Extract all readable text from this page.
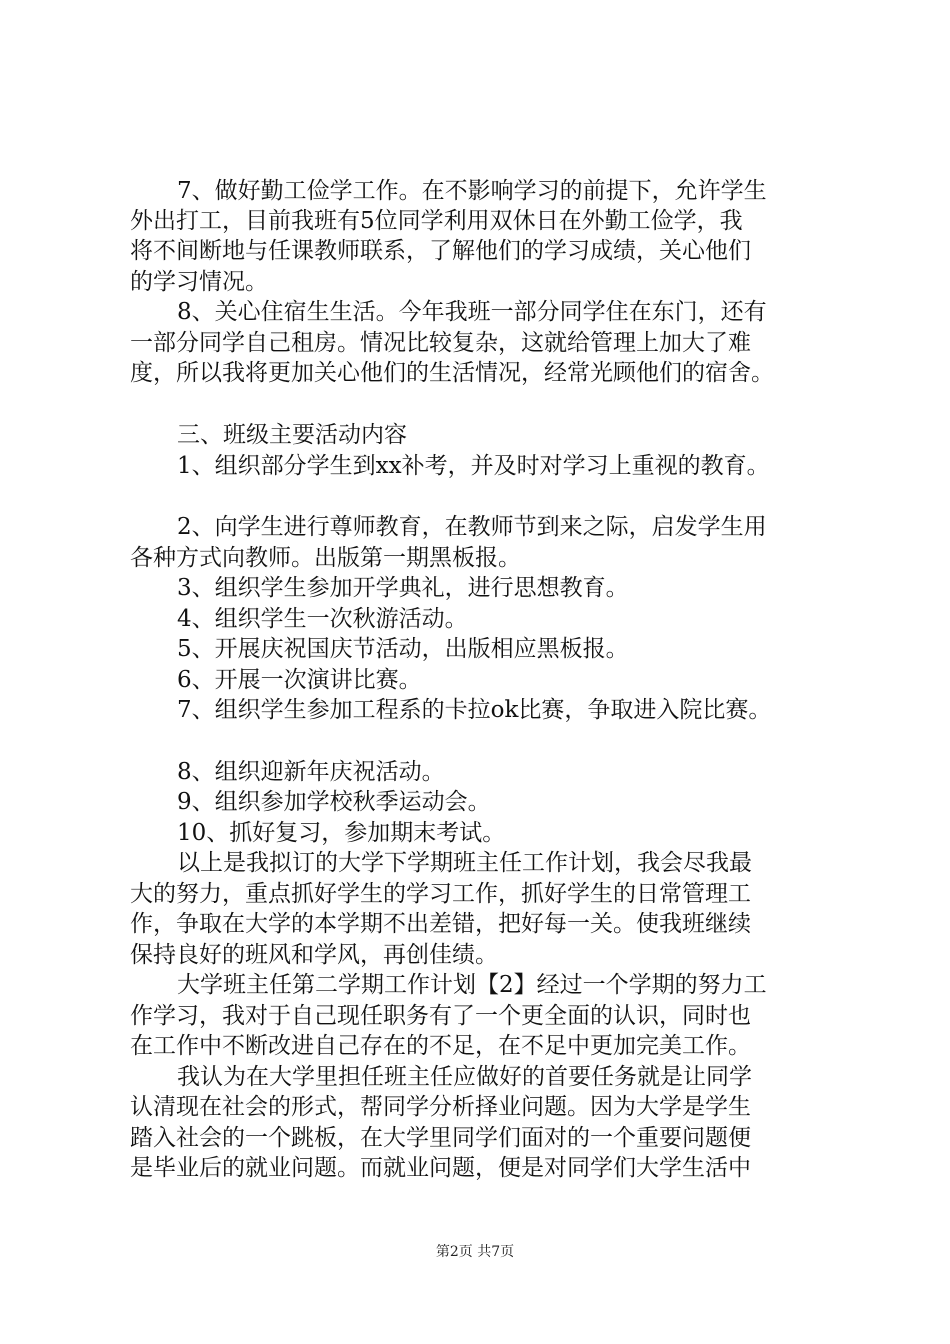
7、做好勤工俭学工作。在不影响学习的前提下，允许学生
外出打工，目前我班有5位同学利用双休日在外勤工俭学，我
将不间断地与任课教师联系，了解他们的学习成绩，关心他们
的学习情况。
8、关心住宿生生活。今年我班一部分同学住在东门，还有
一部分同学自己租房。情况比较复杂，这就给管理上加大了难
度，所以我将更加关心他们的生活情况，经常光顾他们的宿舍。
三、班级主要活动内容
1、组织部分学生到xx补考，并及时对学习上重视的教育。
2、向学生进行尊师教育，在教师节到来之际，启发学生用
各种方式向教师。出版第一期黑板报。
3、组织学生参加开学典礼，进行思想教育。
4、组织学生一次秋游活动。
5、开展庆祝国庆节活动，出版相应黑板报。
6、开展一次演讲比赛。
7、组织学生参加工程系的卡拉ok比赛，争取进入院比赛。
8、组织迎新年庆祝活动。
9、组织参加学校秋季运动会。
10、抓好复习，参加期末考试。
以上是我拟订的大学下学期班主任工作计划，我会尽我最
大的努力，重点抓好学生的学习工作，抓好学生的日常管理工
作，争取在大学的本学期不出差错，把好每一关。使我班继续
保持良好的班风和学风，再创佳绩。
大学班主任第二学期工作计划【2】经过一个学期的努力工
作学习，我对于自己现任职务有了一个更全面的认识，同时也
在工作中不断改进自己存在的不足，在不足中更加完美工作。
我认为在大学里担任班主任应做好的首要任务就是让同学
认清现在社会的形式，帮同学分析择业问题。因为大学是学生
踏入社会的一个跳板，在大学里同学们面对的一个重要问题便
是毕业后的就业问题。而就业问题，便是对同学们大学生活中
第2页 共7页
